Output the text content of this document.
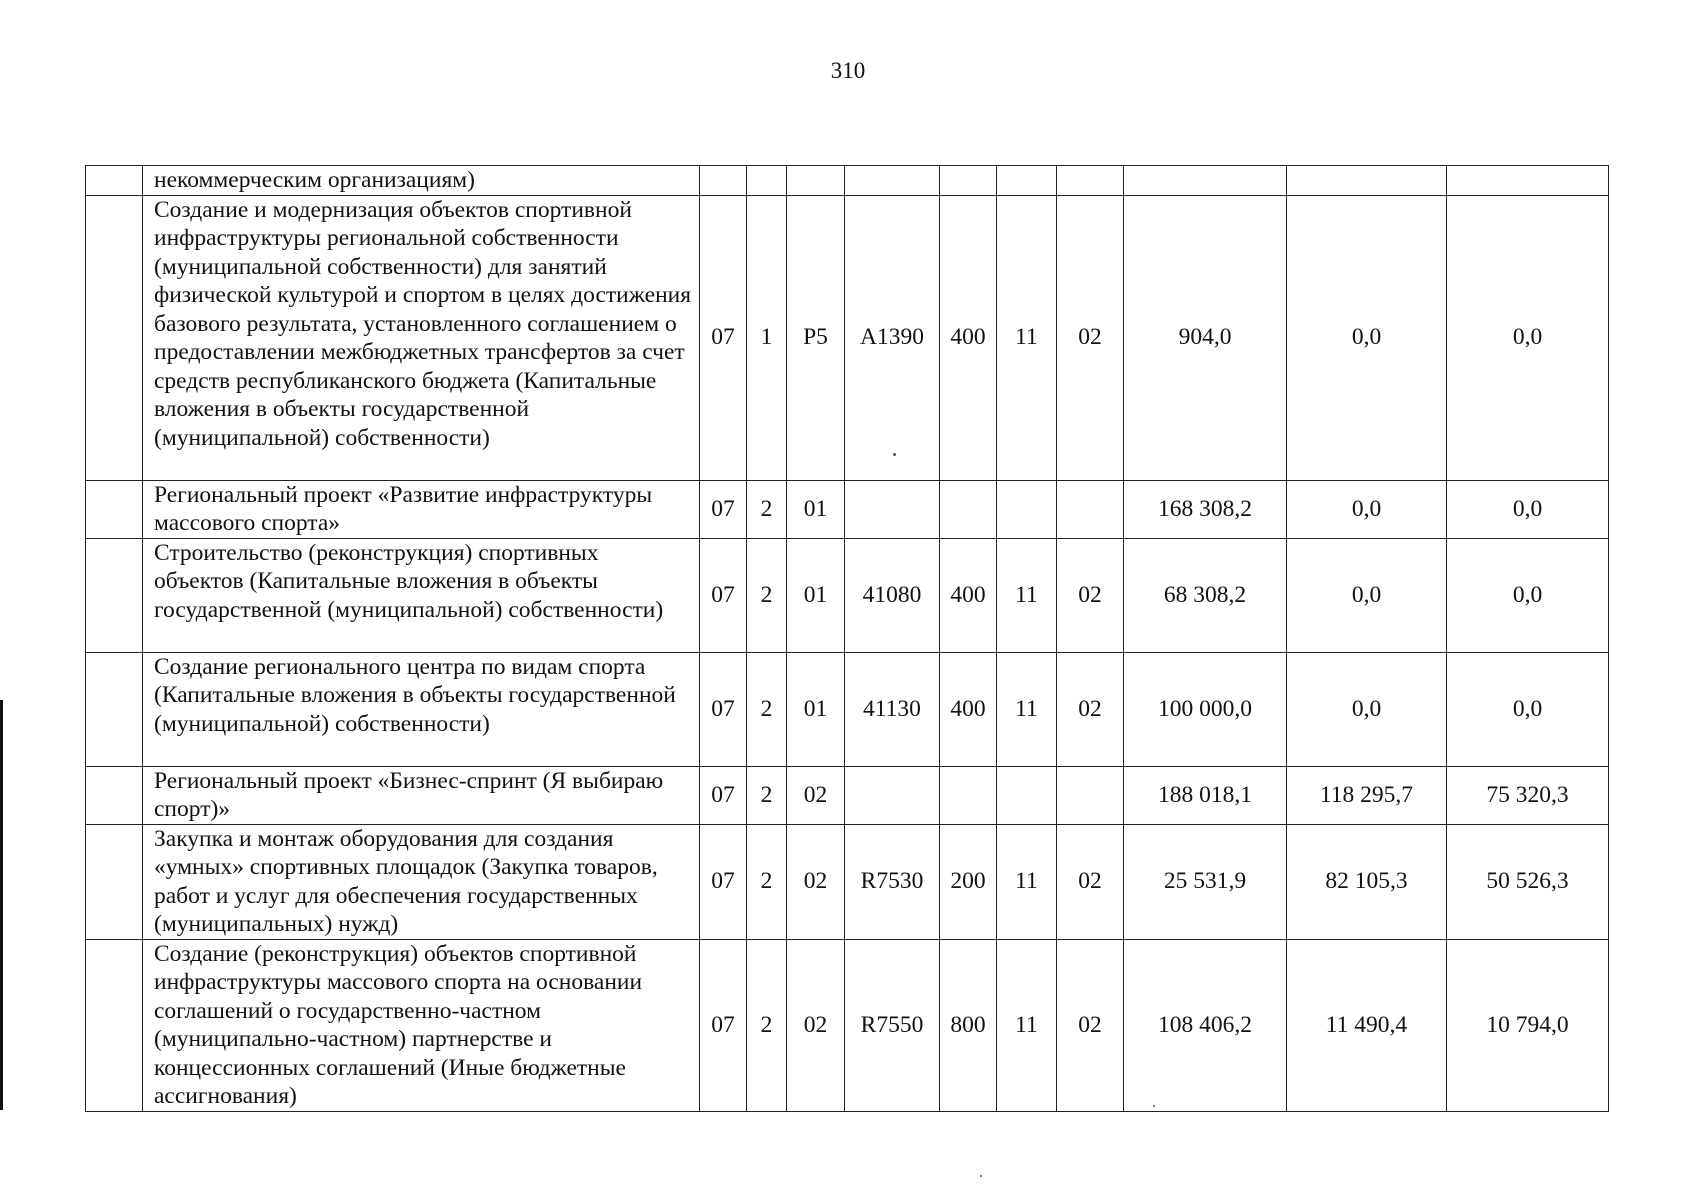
310
	некоммерческим организациям)										
	Создание и модернизация объектов спортивной инфраструктуры региональной собственности (муниципальной собственности) для занятий физической культурой и спортом в целях достижения базового результата, установленного соглашением о предоставлении межбюджетных трансфертов за счет средств республиканского бюджета (Капитальные вложения в объекты государственной (муниципальной) собственности)	07	1	P5	A1390	400	11	02	904,0	0,0	0,0
	Региональный проект «Развитие инфраструктуры массового спорта»	07	2	01					168 308,2	0,0	0,0
	Строительство (реконструкция) спортивных объектов (Капитальные вложения в объекты государственной (муниципальной) собственности)	07	2	01	41080	400	11	02	68 308,2	0,0	0,0
	Создание регионального центра по видам спорта (Капитальные вложения в объекты государственной (муниципальной) собственности)	07	2	01	41130	400	11	02	100 000,0	0,0	0,0
	Региональный проект «Бизнес-спринт (Я выбираю спорт)»	07	2	02					188 018,1	118 295,7	75 320,3
	Закупка и монтаж оборудования для создания «умных» спортивных площадок (Закупка товаров, работ и услуг для обеспечения государственных (муниципальных) нужд)	07	2	02	R7530	200	11	02	25 531,9	82 105,3	50 526,3
	Создание (реконструкция) объектов спортивной инфраструктуры массового спорта на основании соглашений о государственно-частном (муниципально-частном) партнерстве и концессионных соглашений (Иные бюджетные ассигнования)	07	2	02	R7550	800	11	02	108 406,2	11 490,4	10 794,0
